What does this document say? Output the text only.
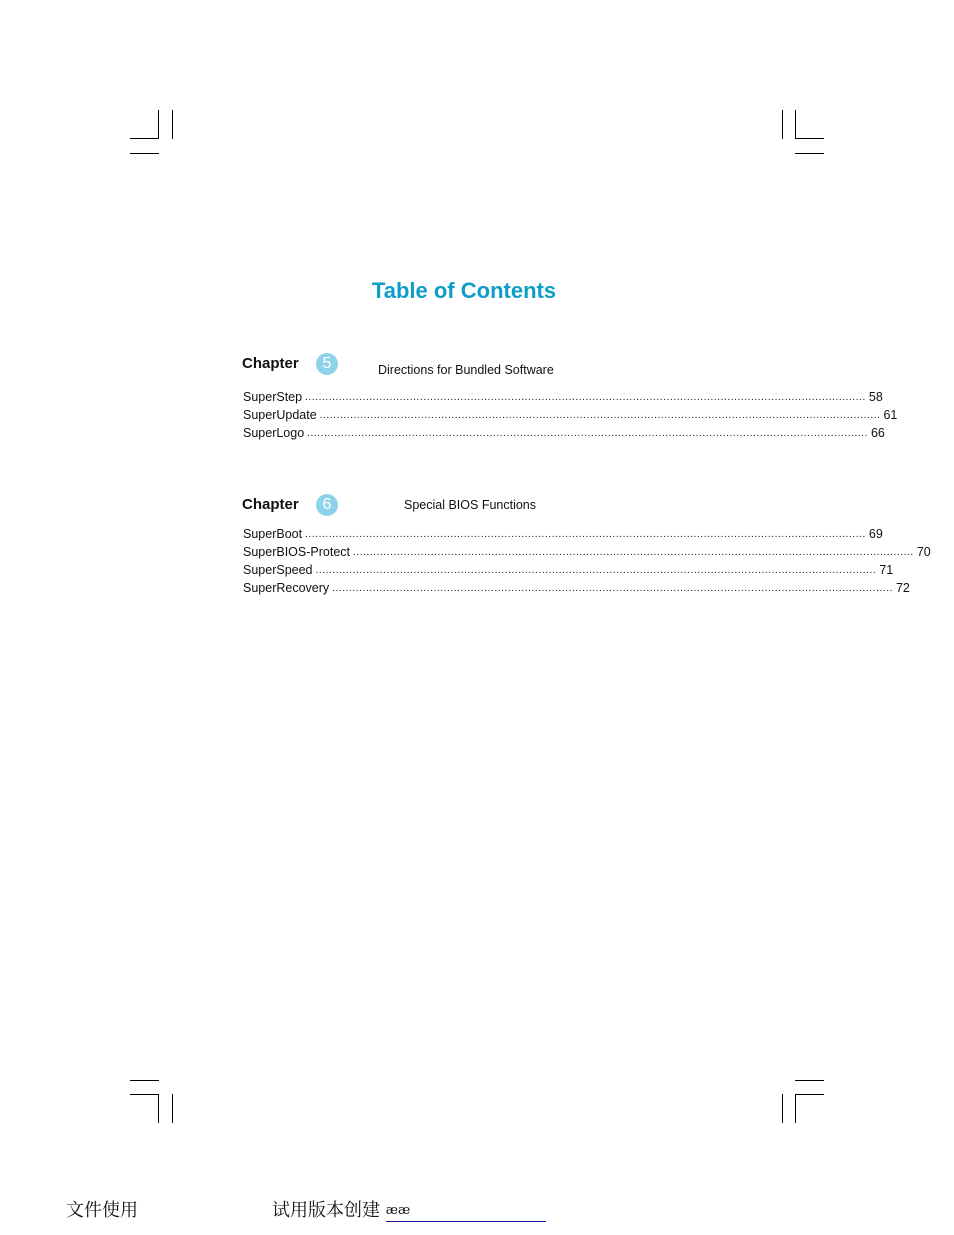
Table of Contents
Chapter	5	Directions for Bundled Software
SuperStep ...................................................................................................................................................................... 58
SuperUpdate ...................................................................................................................................................................... 61
SuperLogo ...................................................................................................................................................................... 66
Chapter	6	Special BIOS Functions
SuperBoot ...................................................................................................................................................................... 69
SuperBIOS-Protect ...................................................................................................................................................................... 70
SuperSpeed ...................................................................................................................................................................... 71
SuperRecovery ...................................................................................................................................................................... 72
文件使用	试用版本创建 ææ
